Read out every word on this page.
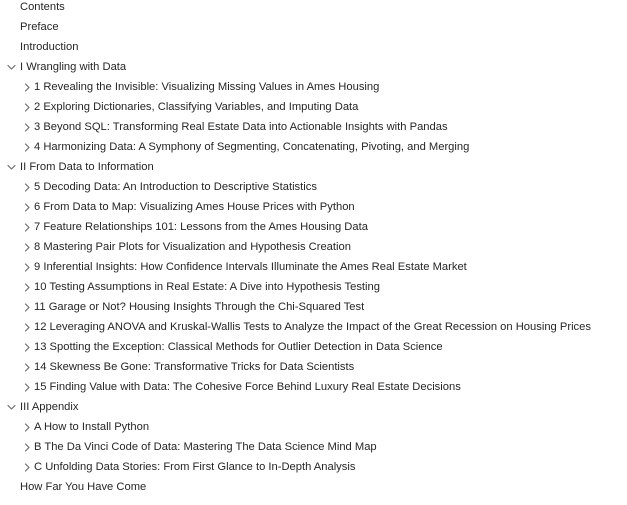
Contents
Preface
Introduction
I Wrangling with Data
1 Revealing the Invisible: Visualizing Missing Values in Ames Housing
2 Exploring Dictionaries, Classifying Variables, and Imputing Data
3 Beyond SQL: Transforming Real Estate Data into Actionable Insights with Pandas
4 Harmonizing Data: A Symphony of Segmenting, Concatenating, Pivoting, and Merging
II From Data to Information
5 Decoding Data: An Introduction to Descriptive Statistics
6 From Data to Map: Visualizing Ames House Prices with Python
7 Feature Relationships 101: Lessons from the Ames Housing Data
8 Mastering Pair Plots for Visualization and Hypothesis Creation
9 Inferential Insights: How Confidence Intervals Illuminate the Ames Real Estate Market
10 Testing Assumptions in Real Estate: A Dive into Hypothesis Testing
11 Garage or Not? Housing Insights Through the Chi-Squared Test
12 Leveraging ANOVA and Kruskal-Wallis Tests to Analyze the Impact of the Great Recession on Housing Prices
13 Spotting the Exception: Classical Methods for Outlier Detection in Data Science
14 Skewness Be Gone: Transformative Tricks for Data Scientists
15 Finding Value with Data: The Cohesive Force Behind Luxury Real Estate Decisions
III Appendix
A How to Install Python
B The Da Vinci Code of Data: Mastering The Data Science Mind Map
C Unfolding Data Stories: From First Glance to In-Depth Analysis
How Far You Have Come
